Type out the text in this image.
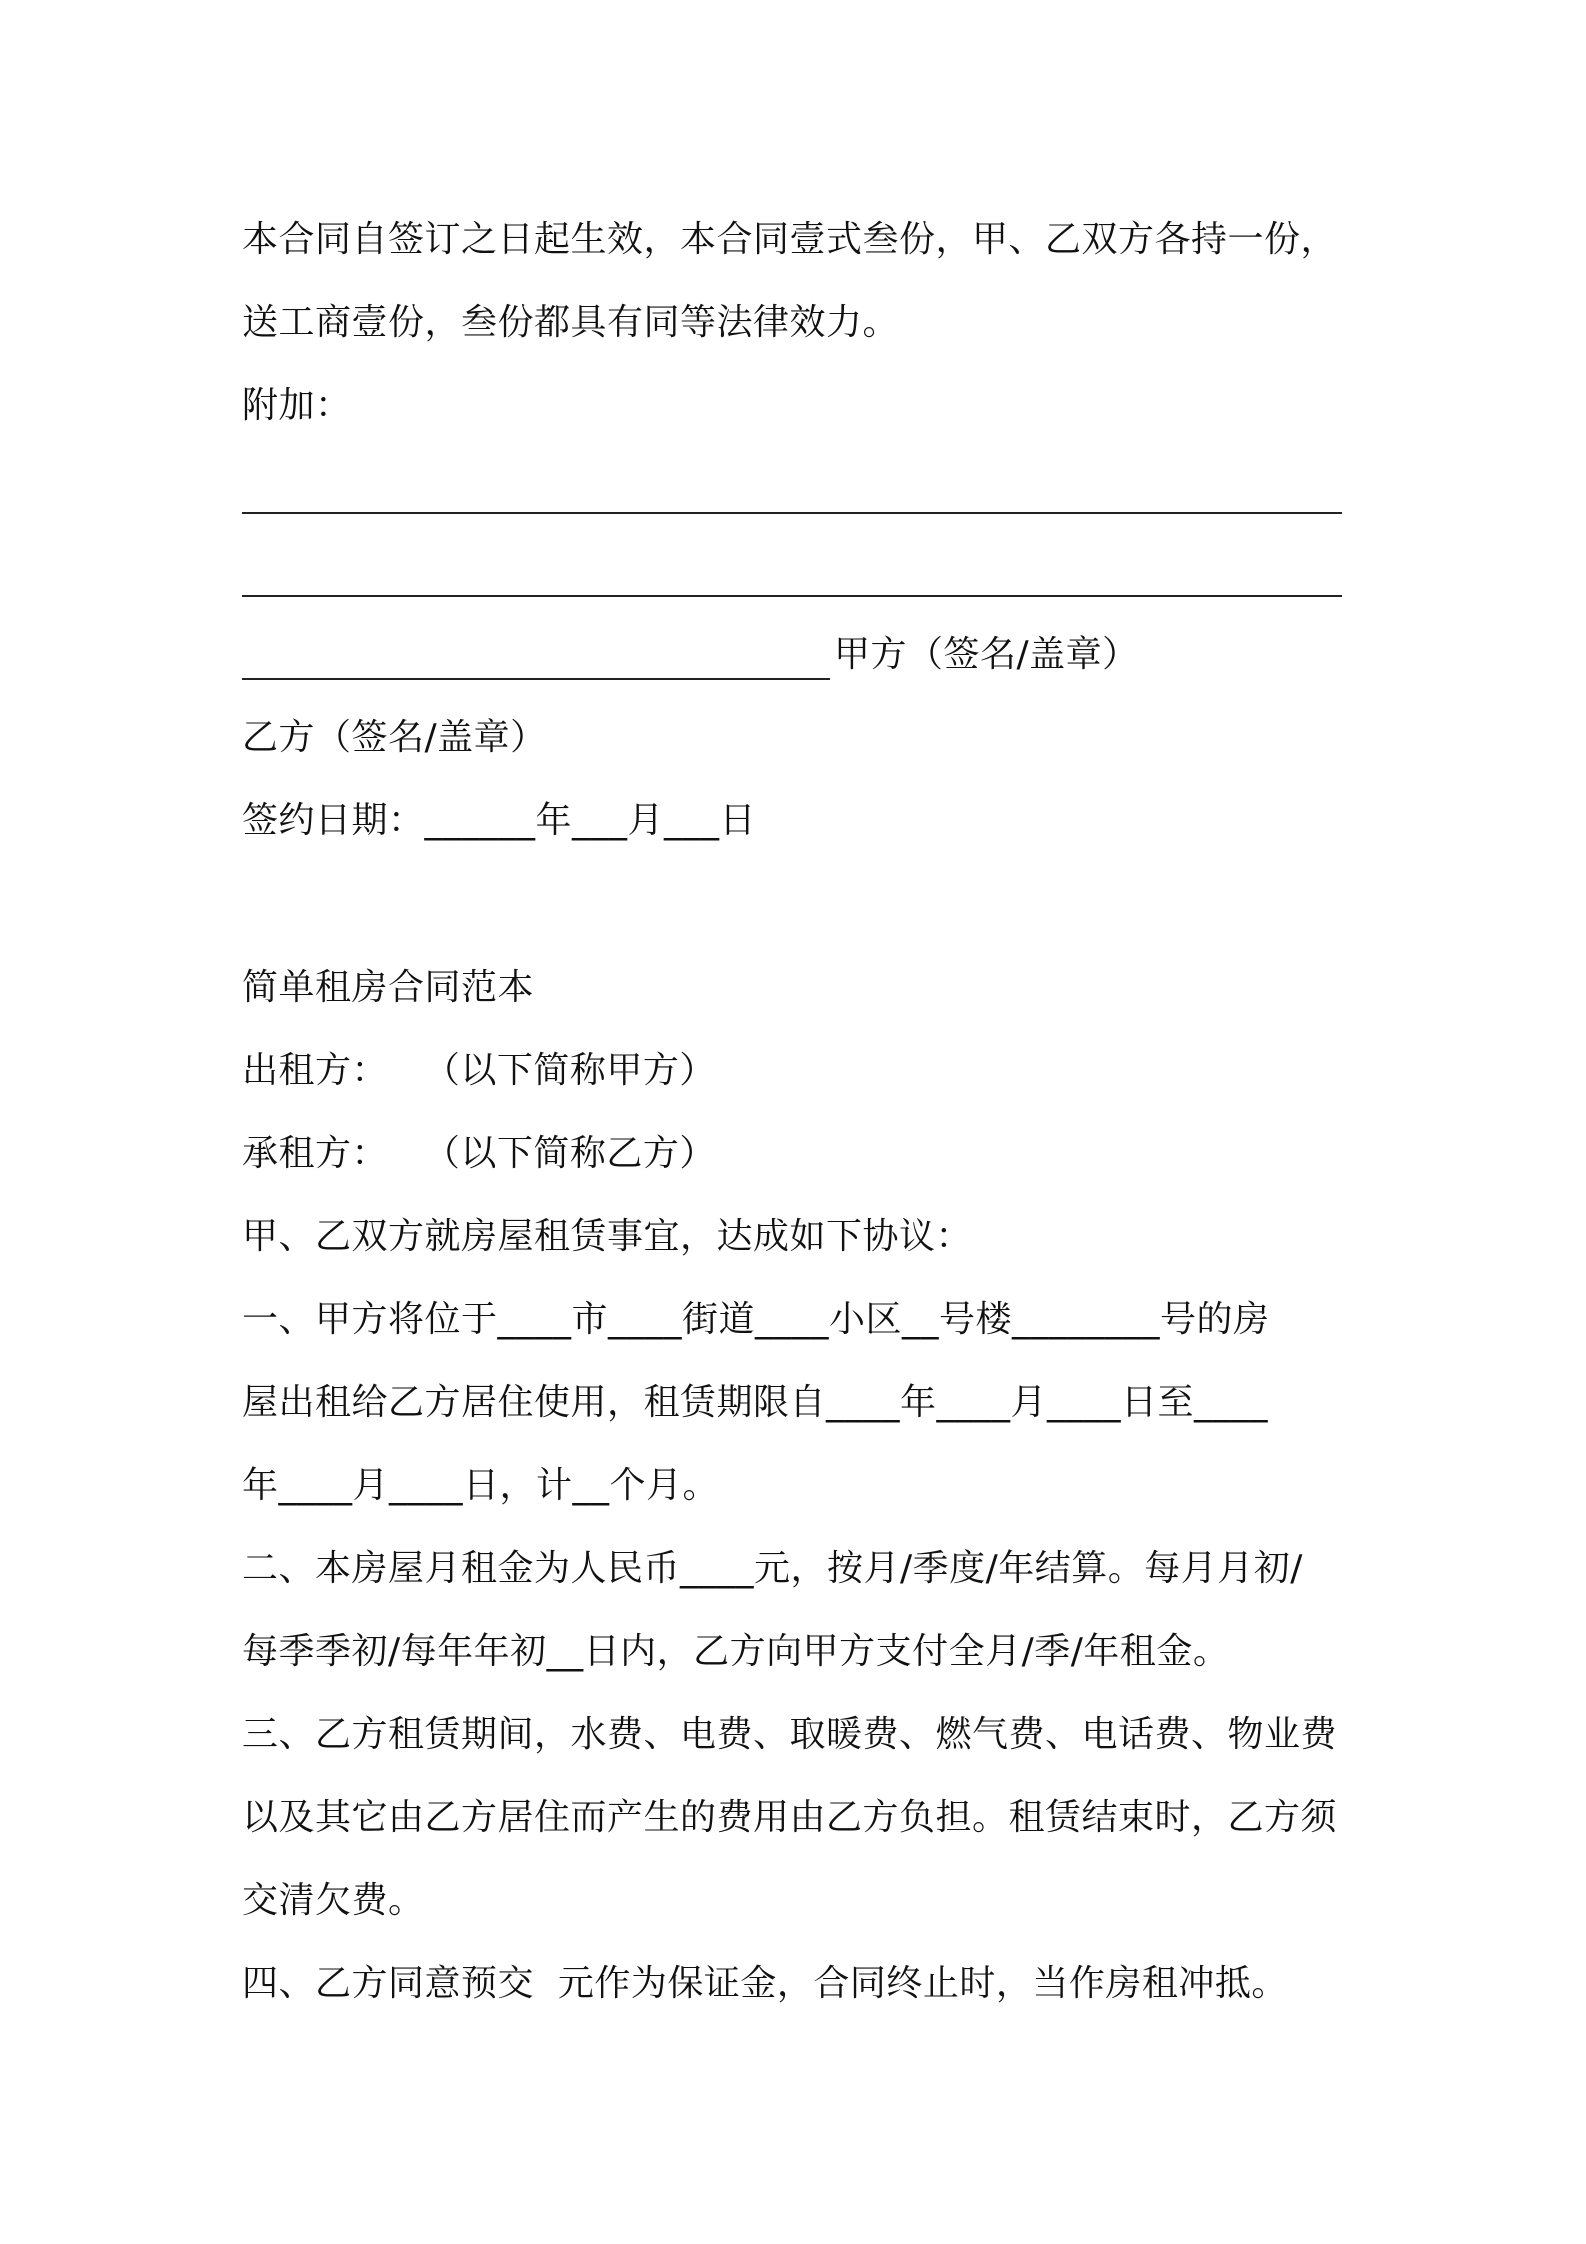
本合同自签订之日起生效，本合同壹式叁份，甲、乙双方各持一份，
送工商壹份，叁份都具有同等法律效力。
附加：
甲方（签名/盖章）
乙方（签名/盖章）
签约日期：______年___月___日
简单租房合同范本
出租方：   （以下简称甲方）
承租方：   （以下简称乙方）
甲、乙双方就房屋租赁事宜，达成如下协议：
一、甲方将位于____市____街道____小区__号楼________号的房
屋出租给乙方居住使用，租赁期限自____年____月____日至____
年____月____日，计__个月。
二、本房屋月租金为人民币____元，按月/季度/年结算。每月月初/
每季季初/每年年初__日内，乙方向甲方支付全月/季/年租金。
三、乙方租赁期间，水费、电费、取暖费、燃气费、电话费、物业费
以及其它由乙方居住而产生的费用由乙方负担。租赁结束时，乙方须
交清欠费。
四、乙方同意预交  元作为保证金，合同终止时，当作房租冲抵。
